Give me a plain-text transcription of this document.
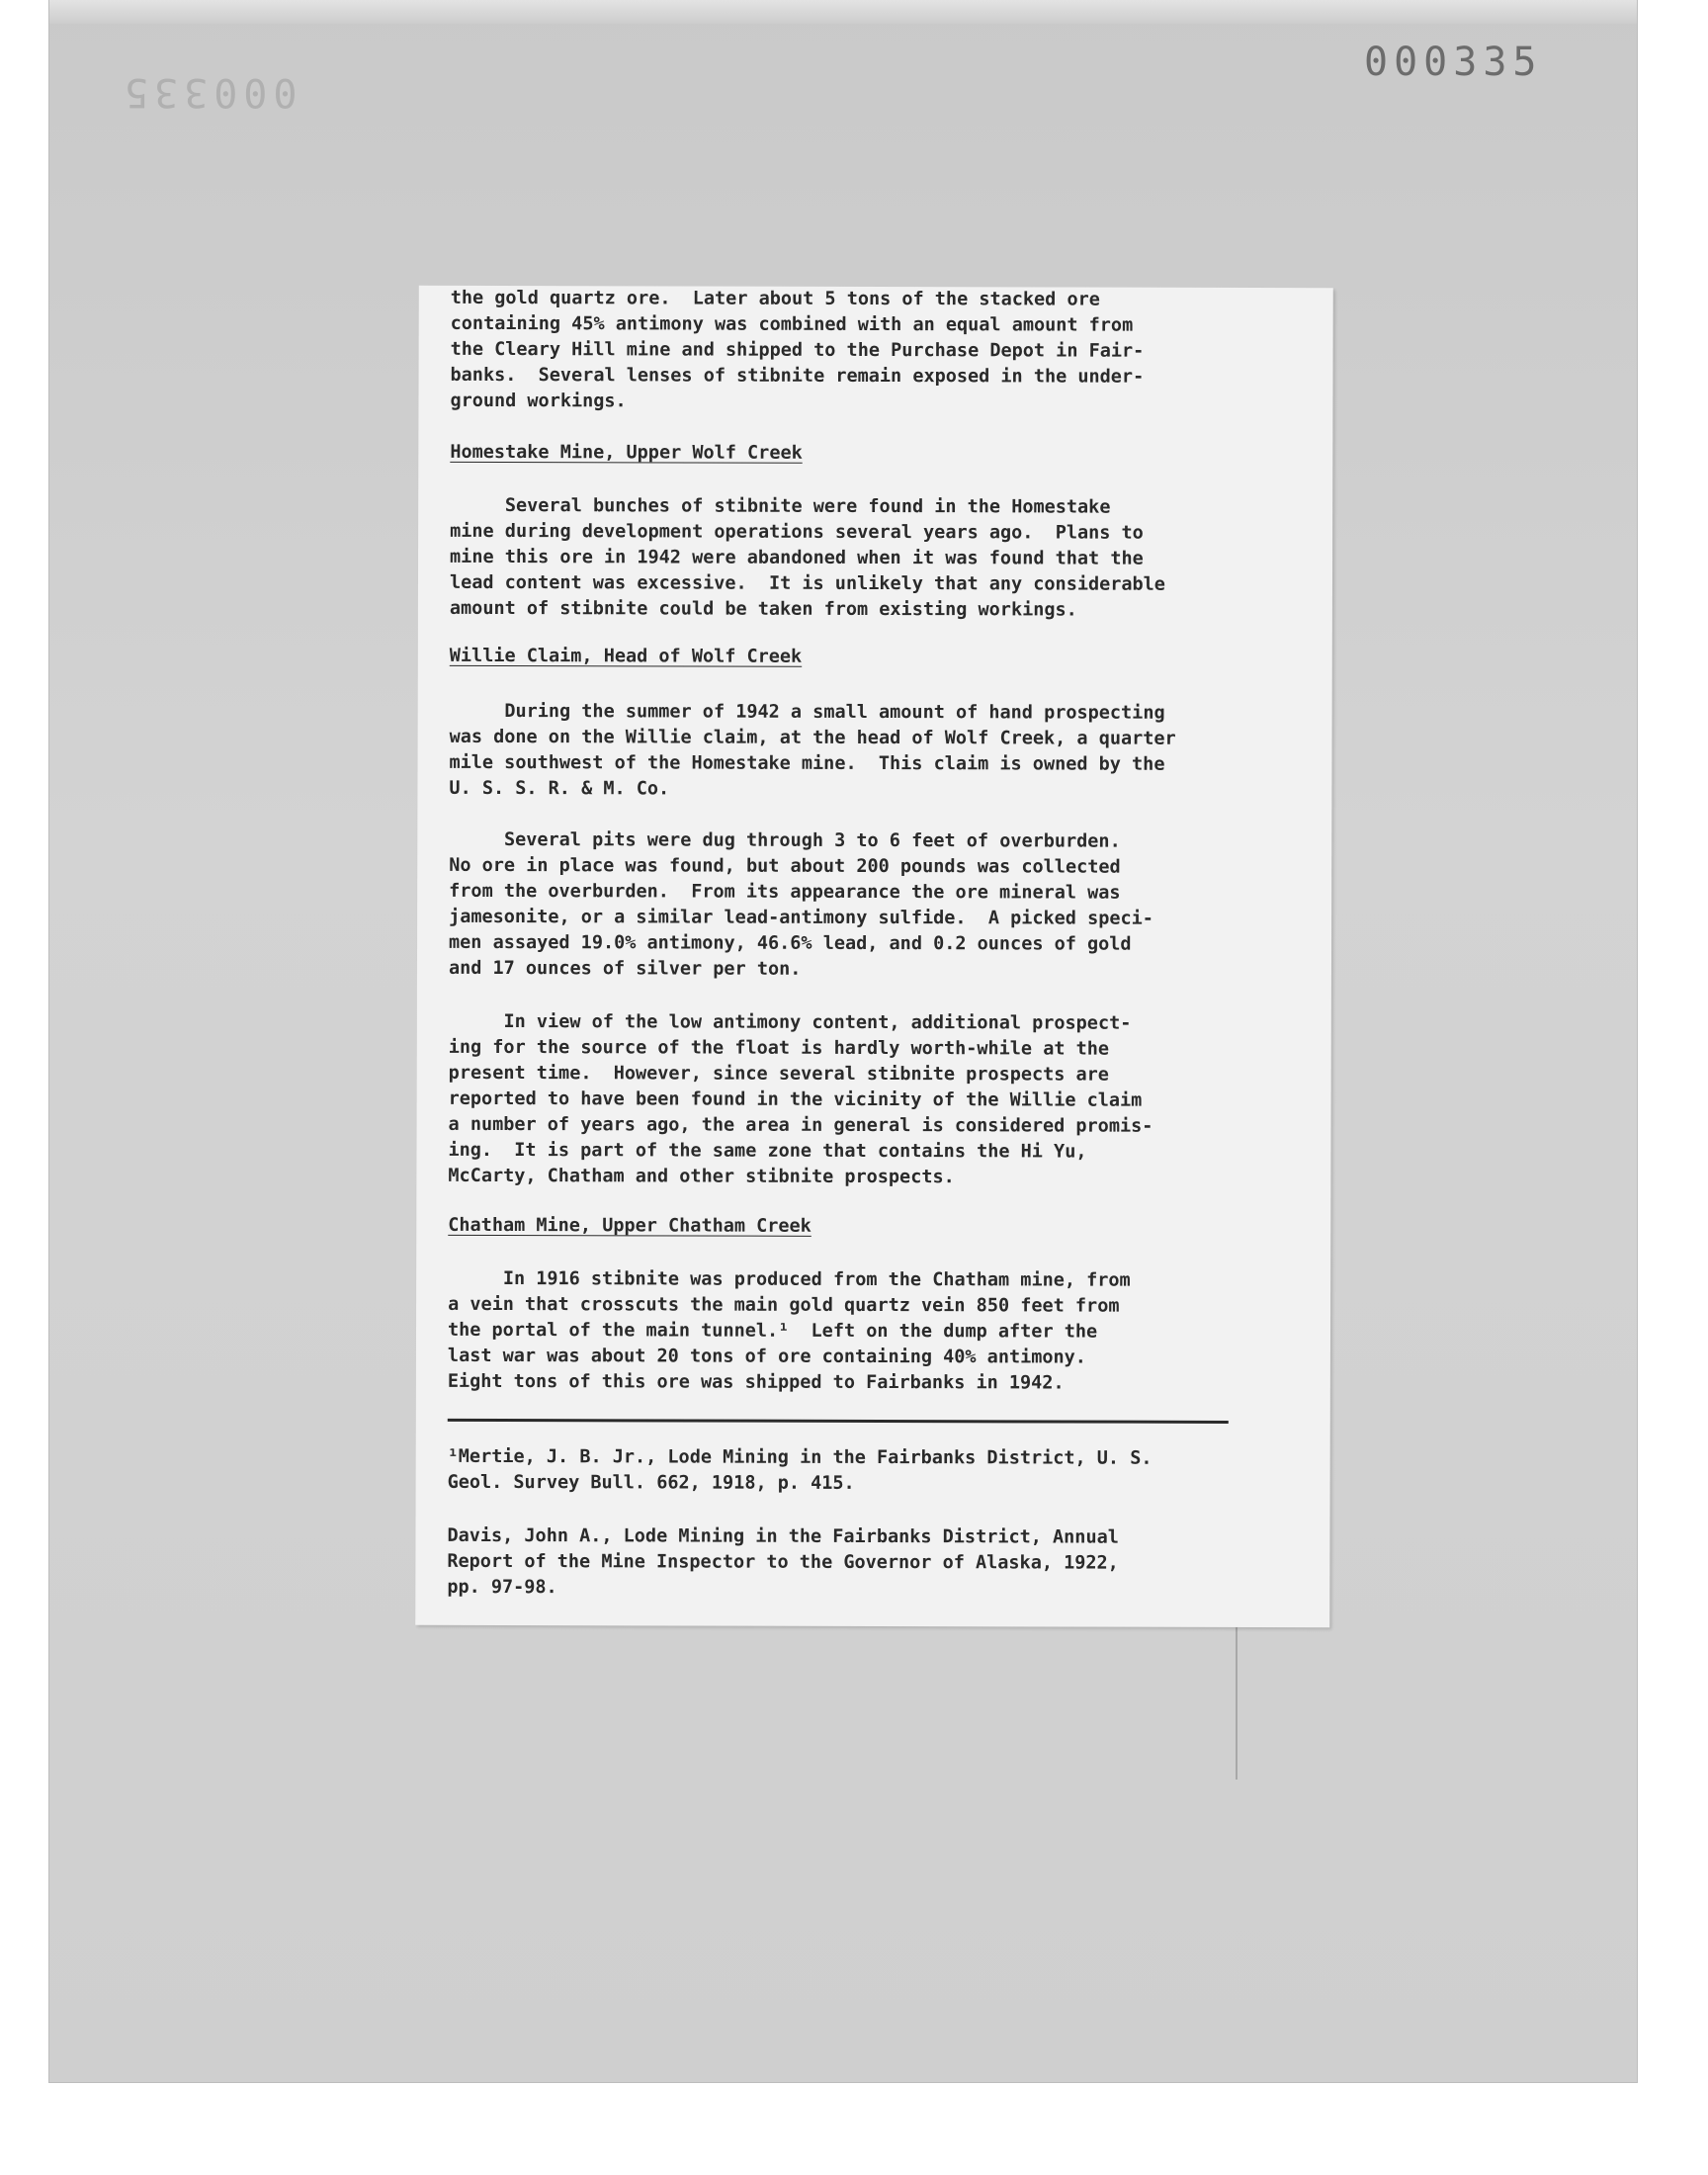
000335
000335

the gold quartz ore.  Later about 5 tons of the stacked ore

containing 45% antimony was combined with an equal amount from

the Cleary Hill mine and shipped to the Purchase Depot in Fair-

banks.  Several lenses of stibnite remain exposed in the under-

ground workings.

Homestake Mine, Upper Wolf Creek

Several bunches of stibnite were found in the Homestake

mine during development operations several years ago.  Plans to

mine this ore in 1942 were abandoned when it was found that the

lead content was excessive.  It is unlikely that any considerable

amount of stibnite could be taken from existing workings.

Willie Claim, Head of Wolf Creek

During the summer of 1942 a small amount of hand prospecting

was done on the Willie claim, at the head of Wolf Creek, a quarter

mile southwest of the Homestake mine.  This claim is owned by the

U. S. S. R. & M. Co.

Several pits were dug through 3 to 6 feet of overburden.

No ore in place was found, but about 200 pounds was collected

from the overburden.  From its appearance the ore mineral was

jamesonite, or a similar lead-antimony sulfide.  A picked speci-

men assayed 19.0% antimony, 46.6% lead, and 0.2 ounces of gold

and 17 ounces of silver per ton.

In view of the low antimony content, additional prospect-

ing for the source of the float is hardly worth-while at the

present time.  However, since several stibnite prospects are

reported to have been found in the vicinity of the Willie claim

a number of years ago, the area in general is considered promis-

ing.  It is part of the same zone that contains the Hi Yu,

McCarty, Chatham and other stibnite prospects.

Chatham Mine, Upper Chatham Creek

In 1916 stibnite was produced from the Chatham mine, from

a vein that crosscuts the main gold quartz vein 850 feet from

the portal of the main tunnel.¹  Left on the dump after the

last war was about 20 tons of ore containing 40% antimony.

Eight tons of this ore was shipped to Fairbanks in 1942.

¹Mertie, J. B. Jr., Lode Mining in the Fairbanks District, U. S.

Geol. Survey Bull. 662, 1918, p. 415.

Davis, John A., Lode Mining in the Fairbanks District, Annual

Report of the Mine Inspector to the Governor of Alaska, 1922,

pp. 97-98.
